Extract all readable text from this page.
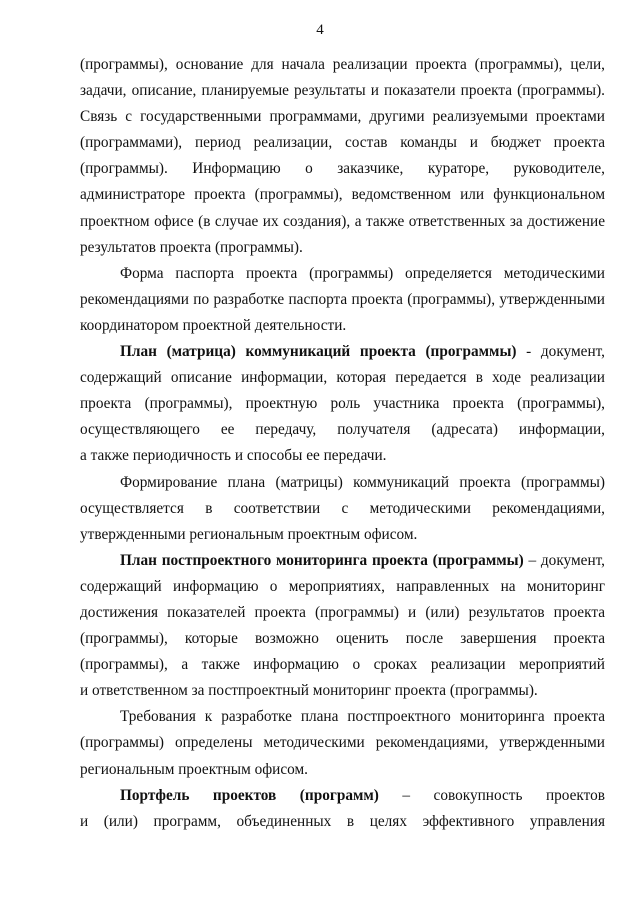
4
(программы), основание для начала реализации проекта (программы), цели,
задачи, описание, планируемые результаты и показатели проекта (программы).
Связь с государственными программами, другими реализуемыми проектами
(программами), период реализации, состав команды и бюджет проекта
(программы). Информацию о заказчике, кураторе, руководителе,
администраторе проекта (программы), ведомственном или функциональном
проектном офисе (в случае их создания), а также ответственных за достижение
результатов проекта (программы).
Форма паспорта проекта (программы) определяется методическими
рекомендациями по разработке паспорта проекта (программы), утвержденными
координатором проектной деятельности.
План (матрица) коммуникаций проекта (программы) - документ,
содержащий описание информации, которая передается в ходе реализации
проекта (программы), проектную роль участника проекта (программы),
осуществляющего ее передачу, получателя (адресата) информации,
а также периодичность и способы ее передачи.
Формирование плана (матрицы) коммуникаций проекта (программы)
осуществляется в соответствии с методическими рекомендациями,
утвержденными региональным проектным офисом.
План постпроектного мониторинга проекта (программы) – документ,
содержащий информацию о мероприятиях, направленных на мониторинг
достижения показателей проекта (программы) и (или) результатов проекта
(программы), которые возможно оценить после завершения проекта
(программы), а также информацию о сроках реализации мероприятий
и ответственном за постпроектный мониторинг проекта (программы).
Требования к разработке плана постпроектного мониторинга проекта
(программы) определены методическими рекомендациями, утвержденными
региональным проектным офисом.
Портфель проектов (программ) – совокупность проектов
и (или) программ, объединенных в целях эффективного управления
